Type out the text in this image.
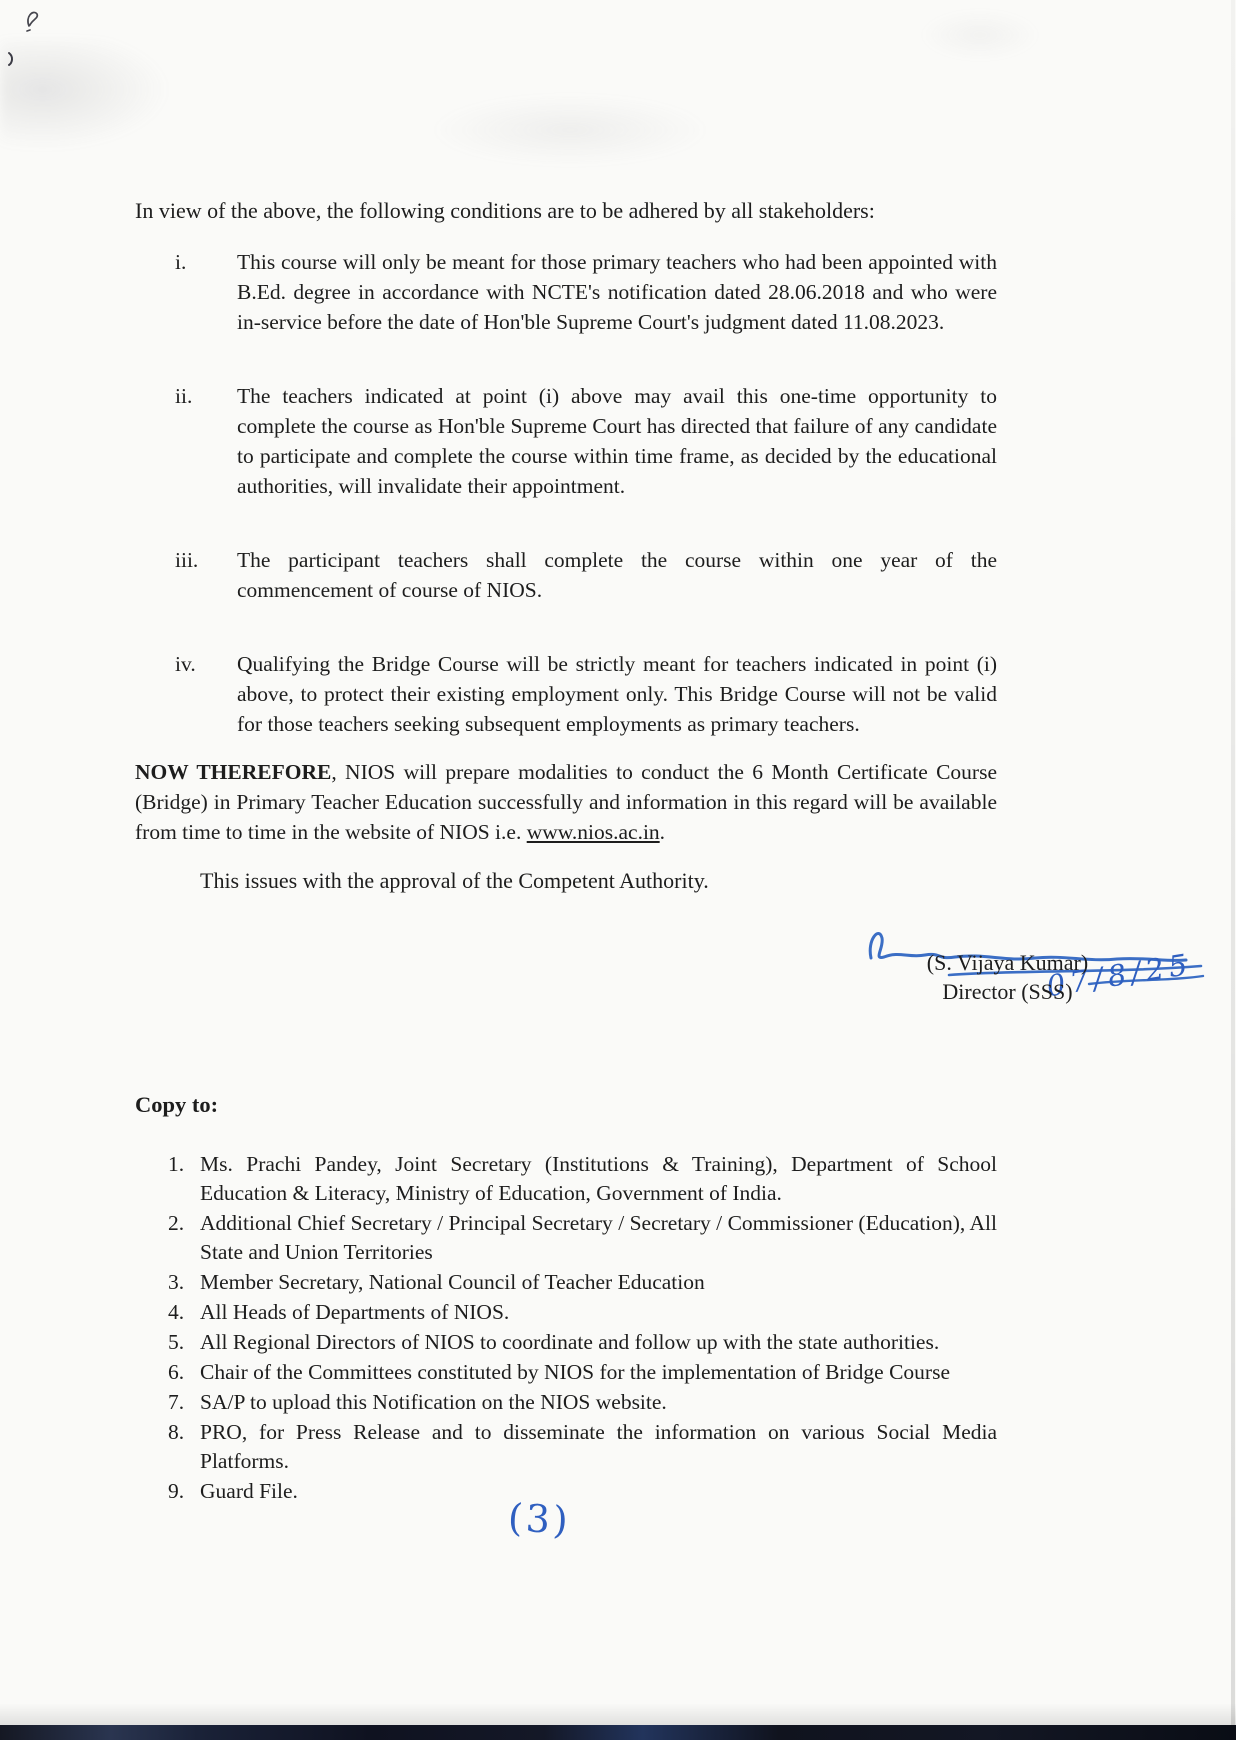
In view of the above, the following conditions are to be adhered by all stakeholders:
i.	This course will only be meant for those primary teachers who had been appointed with B.Ed. degree in accordance with NCTE's notification dated 28.06.2018 and who were in-service before the date of Hon'ble Supreme Court's judgment dated 11.08.2023.
ii.	The teachers indicated at point (i) above may avail this one-time opportunity to complete the course as Hon'ble Supreme Court has directed that failure of any candidate to participate and complete the course within time frame, as decided by the educational authorities, will invalidate their appointment.
iii.	The participant teachers shall complete the course within one year of the commencement of course of NIOS.
iv.	Qualifying the Bridge Course will be strictly meant for teachers indicated in point (i) above, to protect their existing employment only. This Bridge Course will not be valid for those teachers seeking subsequent employments as primary teachers.
NOW THEREFORE, NIOS will prepare modalities to conduct the 6 Month Certificate Course (Bridge) in Primary Teacher Education successfully and information in this regard will be available from time to time in the website of NIOS i.e. www.nios.ac.in.
This issues with the approval of the Competent Authority.
07/8/25
(S. Vijaya Kumar)
Director (SSS)
Copy to:
1. Ms. Prachi Pandey, Joint Secretary (Institutions & Training), Department of School Education & Literacy, Ministry of Education, Government of India.
2. Additional Chief Secretary / Principal Secretary / Secretary / Commissioner (Education), All State and Union Territories
3. Member Secretary, National Council of Teacher Education
4. All Heads of Departments of NIOS.
5. All Regional Directors of NIOS to coordinate and follow up with the state authorities.
6. Chair of the Committees constituted by NIOS for the implementation of Bridge Course
7. SA/P to upload this Notification on the NIOS website.
8. PRO, for Press Release and to disseminate the information on various Social Media Platforms.
9. Guard File.
(3)
